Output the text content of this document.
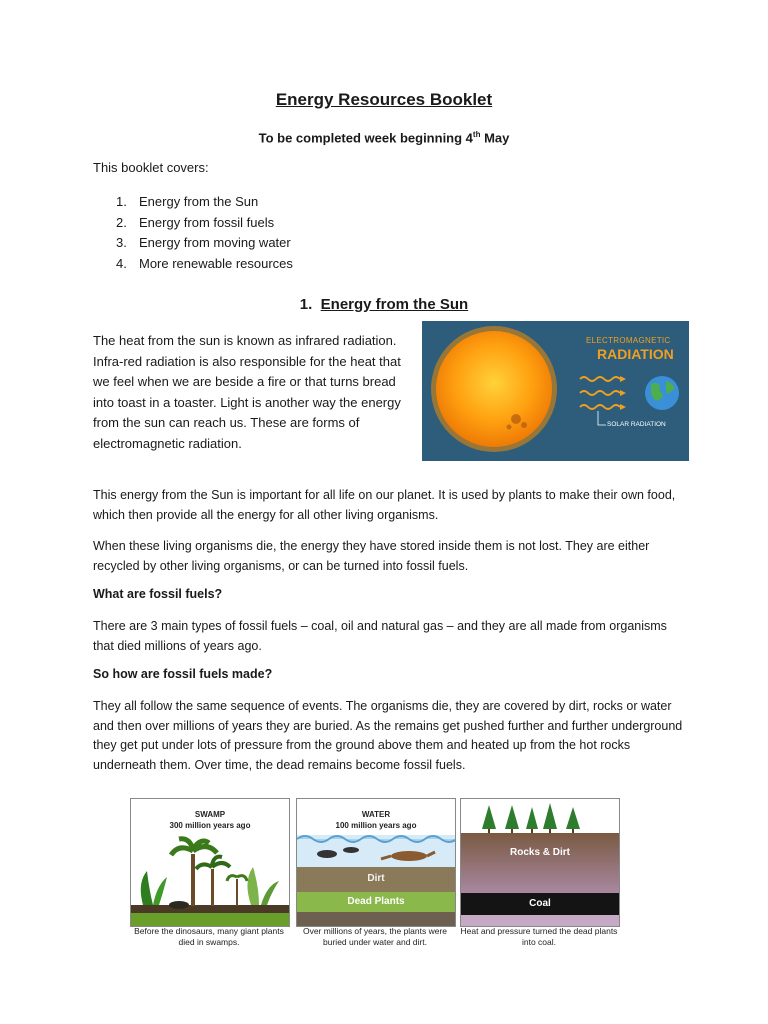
Energy Resources Booklet
To be completed week beginning 4th May
This booklet covers:
1. Energy from the Sun
2. Energy from fossil fuels
3. Energy from moving water
4. More renewable resources
1. Energy from the Sun

The heat from the sun is known as infrared radiation. Infra-red radiation is also responsible for the heat that we feel when we are beside a fire or that turns bread into toast in a toaster. Light is another way the energy from the sun can reach us. These are forms of electromagnetic radiation.

ELECTROMAGNETIC
RADIATION
SOLAR RADIATION

This energy from the Sun is important for all life on our planet. It is used by plants to make their own food, which then provide all the energy for all other living organisms.

When these living organisms die, the energy they have stored inside them is not lost. They are either recycled by other living organisms, or can be turned into fossil fuels.

What are fossil fuels?

There are 3 main types of fossil fuels – coal, oil and natural gas – and they are all made from organisms that died millions of years ago.

So how are fossil fuels made?

They all follow the same sequence of events. The organisms die, they are covered by dirt, rocks or water and then over millions of years they are buried. As the remains get pushed further and further underground they get put under lots of pressure from the ground above them and heated up from the hot rocks underneath them. Over time, the dead remains become fossil fuels.

SWAMP
300 million years ago
Before the dinosaurs, many giant plants died in swamps.
WATER
100 million years ago
Dirt
Dead Plants
Over millions of years, the plants were buried under water and dirt.
Rocks & Dirt
Coal
Heat and pressure turned the dead plants into coal.
